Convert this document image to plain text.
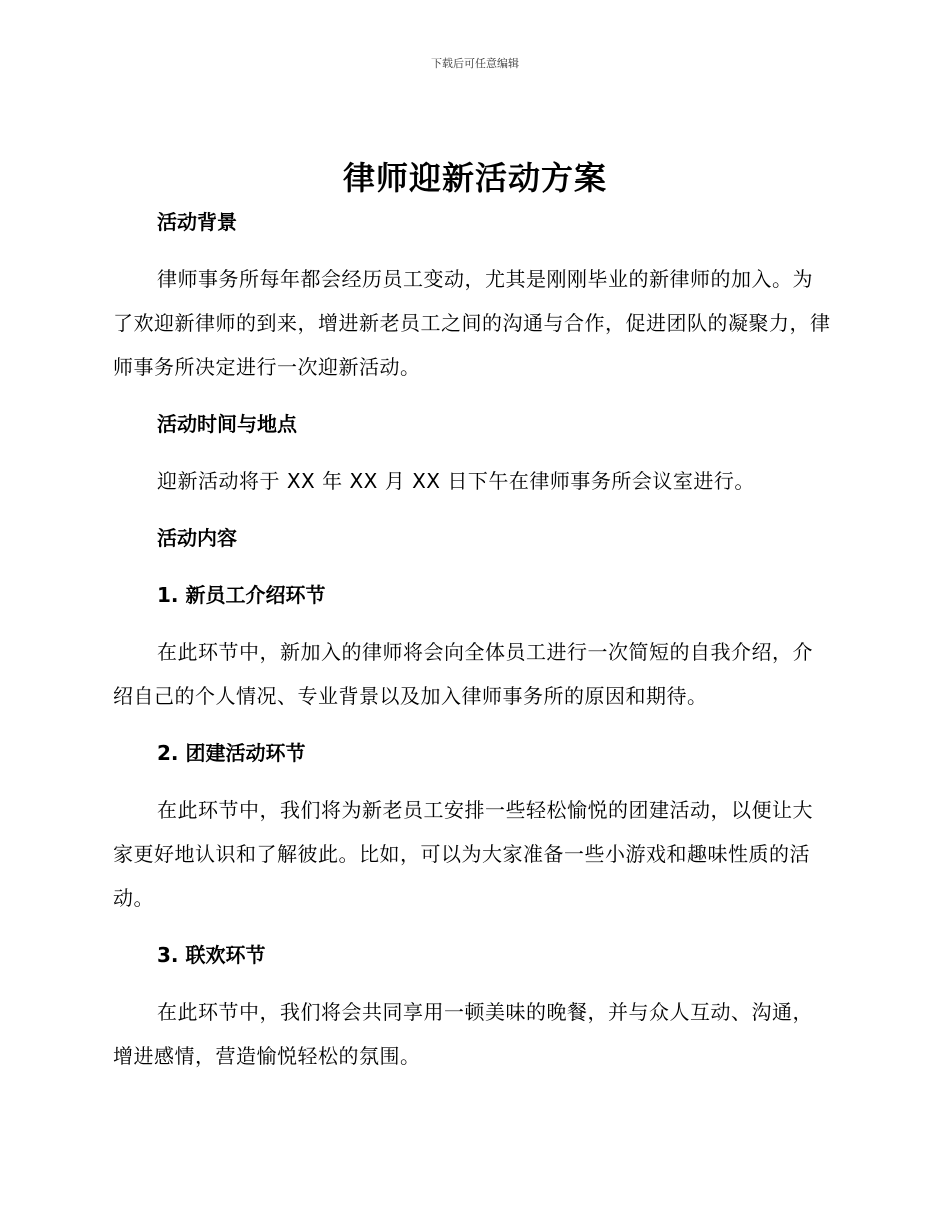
下载后可任意编辑
律师迎新活动方案

活动背景

律师事务所每年都会经历员工变动，尤其是刚刚毕业的新律师的加入。为了欢迎新律师的到来，增进新老员工之间的沟通与合作，促进团队的凝聚力，律师事务所决定进行一次迎新活动。

活动时间与地点

迎新活动将于 XX 年 XX 月 XX 日下午在律师事务所会议室进行。

活动内容

1. 新员工介绍环节

在此环节中，新加入的律师将会向全体员工进行一次简短的自我介绍，介绍自己的个人情况、专业背景以及加入律师事务所的原因和期待。

2. 团建活动环节

在此环节中，我们将为新老员工安排一些轻松愉悦的团建活动，以便让大家更好地认识和了解彼此。比如，可以为大家准备一些小游戏和趣味性质的活动。

3. 联欢环节

在此环节中，我们将会共同享用一顿美味的晚餐，并与众人互动、沟通，增进感情，营造愉悦轻松的氛围。
